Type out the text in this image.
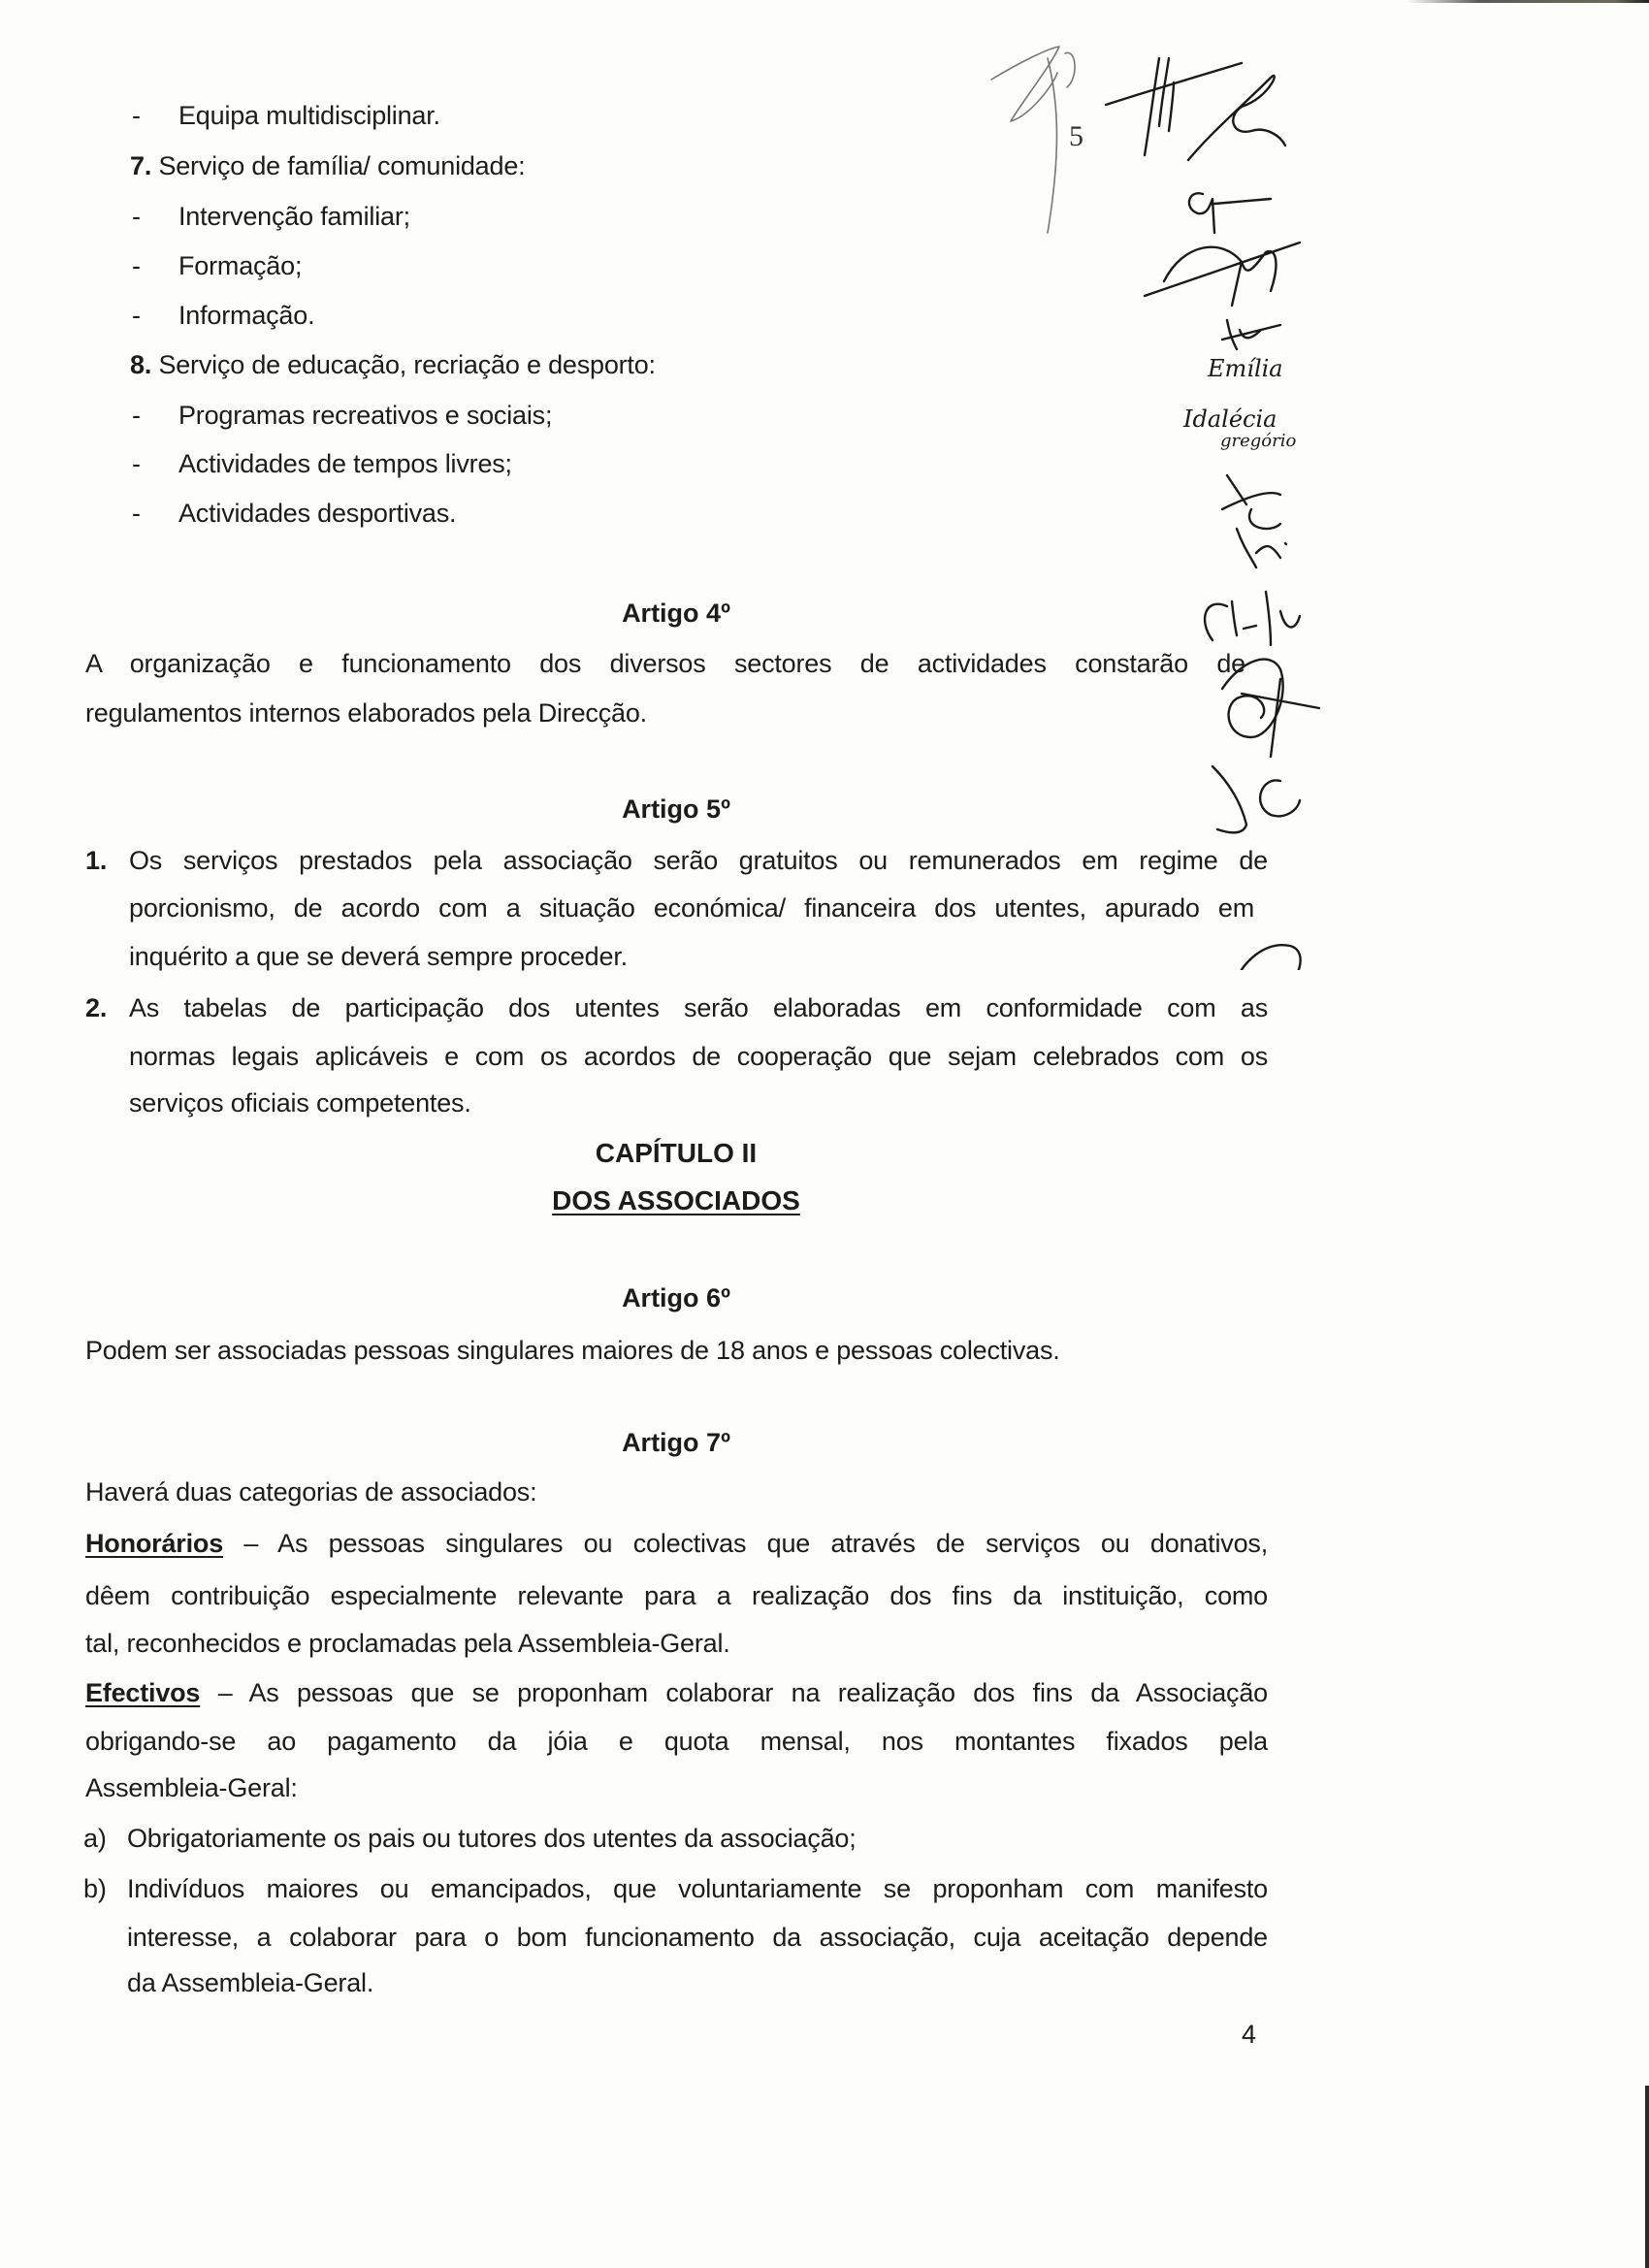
- Equipa multidisciplinar.
7. Serviço de família/ comunidade:
- Intervenção familiar;
- Formação;
- Informação.
8. Serviço de educação, recriação e desporto:
- Programas recreativos e sociais;
- Actividades de tempos livres;
- Actividades desportivas.
Artigo 4º
A organização e funcionamento dos diversos sectores de actividades constarão de
regulamentos internos elaborados pela Direcção.
Artigo 5º
1. Os serviços prestados pela associação serão gratuitos ou remunerados em regime de
porcionismo, de acordo com a situação económica/ financeira dos utentes, apurado em
inquérito a que se deverá sempre proceder.
2. As tabelas de participação dos utentes serão elaboradas em conformidade com as
normas legais aplicáveis e com os acordos de cooperação que sejam celebrados com os
serviços oficiais competentes.
CAPÍTULO II
DOS ASSOCIADOS
Artigo 6º
Podem ser associadas pessoas singulares maiores de 18 anos e pessoas colectivas.
Artigo 7º
Haverá duas categorias de associados:
Honorários – As pessoas singulares ou colectivas que através de serviços ou donativos,
dêem contribuição especialmente relevante para a realização dos fins da instituição, como
tal, reconhecidos e proclamadas pela Assembleia-Geral.
Efectivos – As pessoas que se proponham colaborar na realização dos fins da Associação
obrigando-se ao pagamento da jóia e quota mensal, nos montantes fixados pela
Assembleia-Geral:
a) Obrigatoriamente os pais ou tutores dos utentes da associação;
b) Indivíduos maiores ou emancipados, que voluntariamente se proponham com manifesto
interesse, a colaborar para o bom funcionamento da associação, cuja aceitação depende
da Assembleia-Geral.
4
5
Emília
Idalécia
gregório
